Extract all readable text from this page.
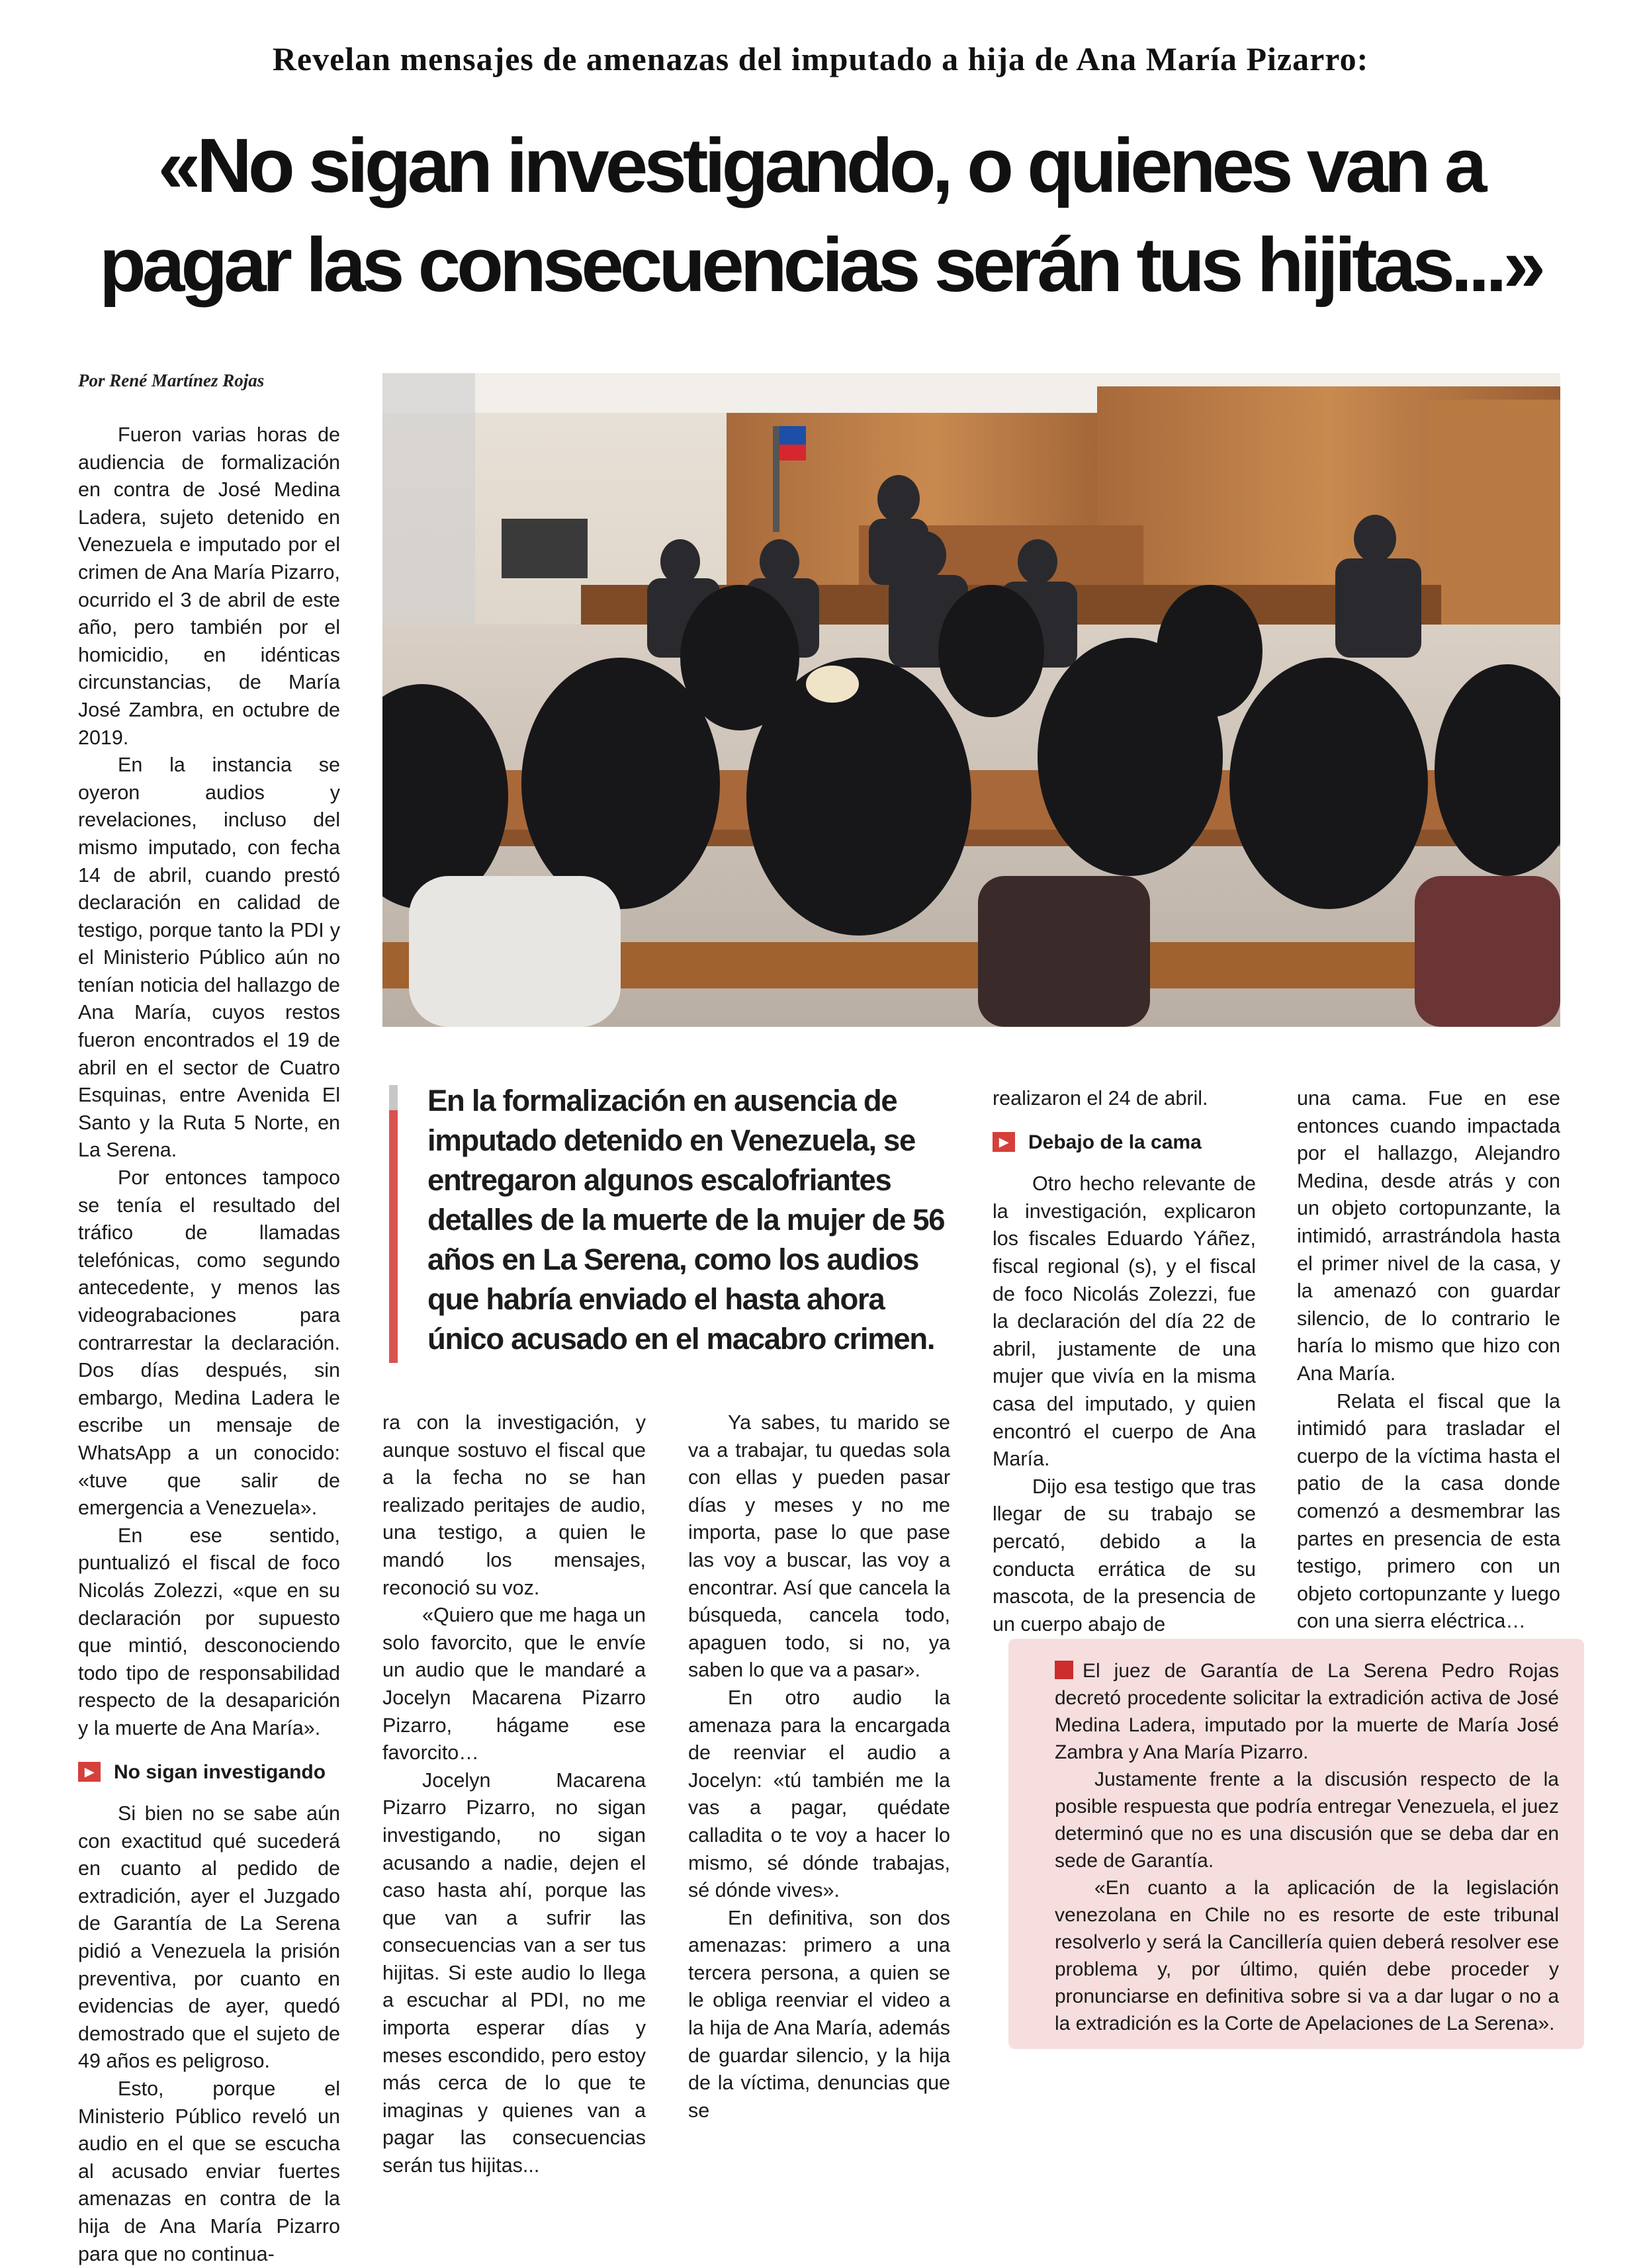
Revelan mensajes de amenazas del imputado a hija de Ana María Pizarro:
«No sigan investigando, o quienes van a
pagar las consecuencias serán tus hijitas...»
Por René Martínez Rojas

Fueron varias horas de audiencia de formalización en contra de José Medina Ladera, sujeto detenido en Venezuela e imputado por el crimen de Ana María Pizarro, ocurrido el 3 de abril de este año, pero también por el homicidio, en idénticas circunstancias, de María José Zambra, en octubre de 2019.

En la instancia se oyeron audios y revelaciones, incluso del mismo imputado, con fecha 14 de abril, cuando prestó declaración en calidad de testigo, porque tanto la PDI y el Ministerio Público aún no tenían noticia del hallazgo de Ana María, cuyos restos fueron encontrados el 19 de abril en el sector de Cuatro Esquinas, entre Avenida El Santo y la Ruta 5 Norte, en La Serena.

Por entonces tampoco se tenía el resultado del tráfico de llamadas telefónicas, como segundo antecedente, y menos las videograbaciones para contrarrestar la declaración. Dos días después, sin embargo, Medina Ladera le escribe un mensaje de WhatsApp a un conocido: «tuve que salir de emergencia a Venezuela».

En ese sentido, puntualizó el fiscal de foco Nicolás Zolezzi, «que en su declaración por supuesto que mintió, desconociendo todo tipo de responsabilidad respecto de la desaparición y la muerte de Ana María».

▶	No sigan investigando

Si bien no se sabe aún con exactitud qué sucederá en cuanto al pedido de extradición, ayer el Juzgado de Garantía de La Serena pidió a Venezuela la prisión preventiva, por cuanto en evidencias de ayer, quedó demostrado que el sujeto de 49 años es peligroso.

Esto, porque el Ministerio Público reveló un audio en el que se escucha al acusado enviar fuertes amenazas en contra de la hija de Ana María Pizarro para que no continua-

En la formalización en ausencia de imputado detenido en Venezuela, se entregaron algunos escalofriantes detalles de la muerte de la mujer de 56 años en La Serena, como los audios que habría enviado el hasta ahora único acusado en el macabro crimen.

ra con la investigación, y aunque sostuvo el fiscal que a la fecha no se han realizado peritajes de audio, una testigo, a quien le mandó los mensajes, reconoció su voz.

«Quiero que me haga un solo favorcito, que le envíe un audio que le mandaré a Jocelyn Macarena Pizarro Pizarro, hágame ese favorcito…

Jocelyn Macarena Pizarro Pizarro, no sigan investigando, no sigan acusando a nadie, dejen el caso hasta ahí, porque las que van a sufrir las consecuencias van a ser tus hijitas. Si este audio lo llega a escuchar al PDI, no me importa esperar días y meses escondido, pero estoy más cerca de lo que te imaginas y quienes van a pagar las consecuencias serán tus hijitas...

Ya sabes, tu marido se va a trabajar, tu quedas sola con ellas y pueden pasar días y meses y no me importa, pase lo que pase las voy a buscar, las voy a encontrar. Así que cancela la búsqueda, cancela todo, apaguen todo, si no, ya saben lo que va a pasar».

En otro audio la amenaza para la encargada de reenviar el audio a Jocelyn: «tú también me la vas a pagar, quédate calladita o te voy a hacer lo mismo, sé dónde trabajas, sé dónde vives».

En definitiva, son dos amenazas: primero a una tercera persona, a quien se le obliga reenviar el video a la hija de Ana María, además de guardar silencio, y la hija de la víctima, denuncias que se

realizaron el 24 de abril.

▶	Debajo de la cama

Otro hecho relevante de la investigación, explicaron los fiscales Eduardo Yáñez, fiscal regional (s), y el fiscal de foco Nicolás Zolezzi, fue la declaración del día 22 de abril, justamente de una mujer que vivía en la misma casa del imputado, y quien encontró el cuerpo de Ana María.

Dijo esa testigo que tras llegar de su trabajo se percató, debido a la conducta errática de su mascota, de la presencia de un cuerpo abajo de

una cama. Fue en ese entonces cuando impactada por el hallazgo, Alejandro Medina, desde atrás y con un objeto cortopunzante, la intimidó, arrastrándola hasta el primer nivel de la casa, y la amenazó con guardar silencio, de lo contrario le haría lo mismo que hizo con Ana María.

Relata el fiscal que la intimidó para trasladar el cuerpo de la víctima hasta el patio de la casa donde comenzó a desmembrar las partes en presencia de esta testigo, primero con un objeto cortopunzante y luego con una sierra eléctrica…

El juez de Garantía de La Serena Pedro Rojas decretó procedente solicitar la extradición activa de José Medina Ladera, imputado por la muerte de María José Zambra y Ana María Pizarro.

Justamente frente a la discusión respecto de la posible respuesta que podría entregar Venezuela, el juez determinó que no es una discusión que se deba dar en sede de Garantía.

«En cuanto a la aplicación de la legislación venezolana en Chile no es resorte de este tribunal resolverlo y será la Cancillería quien deberá resolver ese problema y, por último, quién debe proceder y pronunciarse en definitiva sobre si va a dar lugar o no a la extradición es la Corte de Apelaciones de La Serena».
